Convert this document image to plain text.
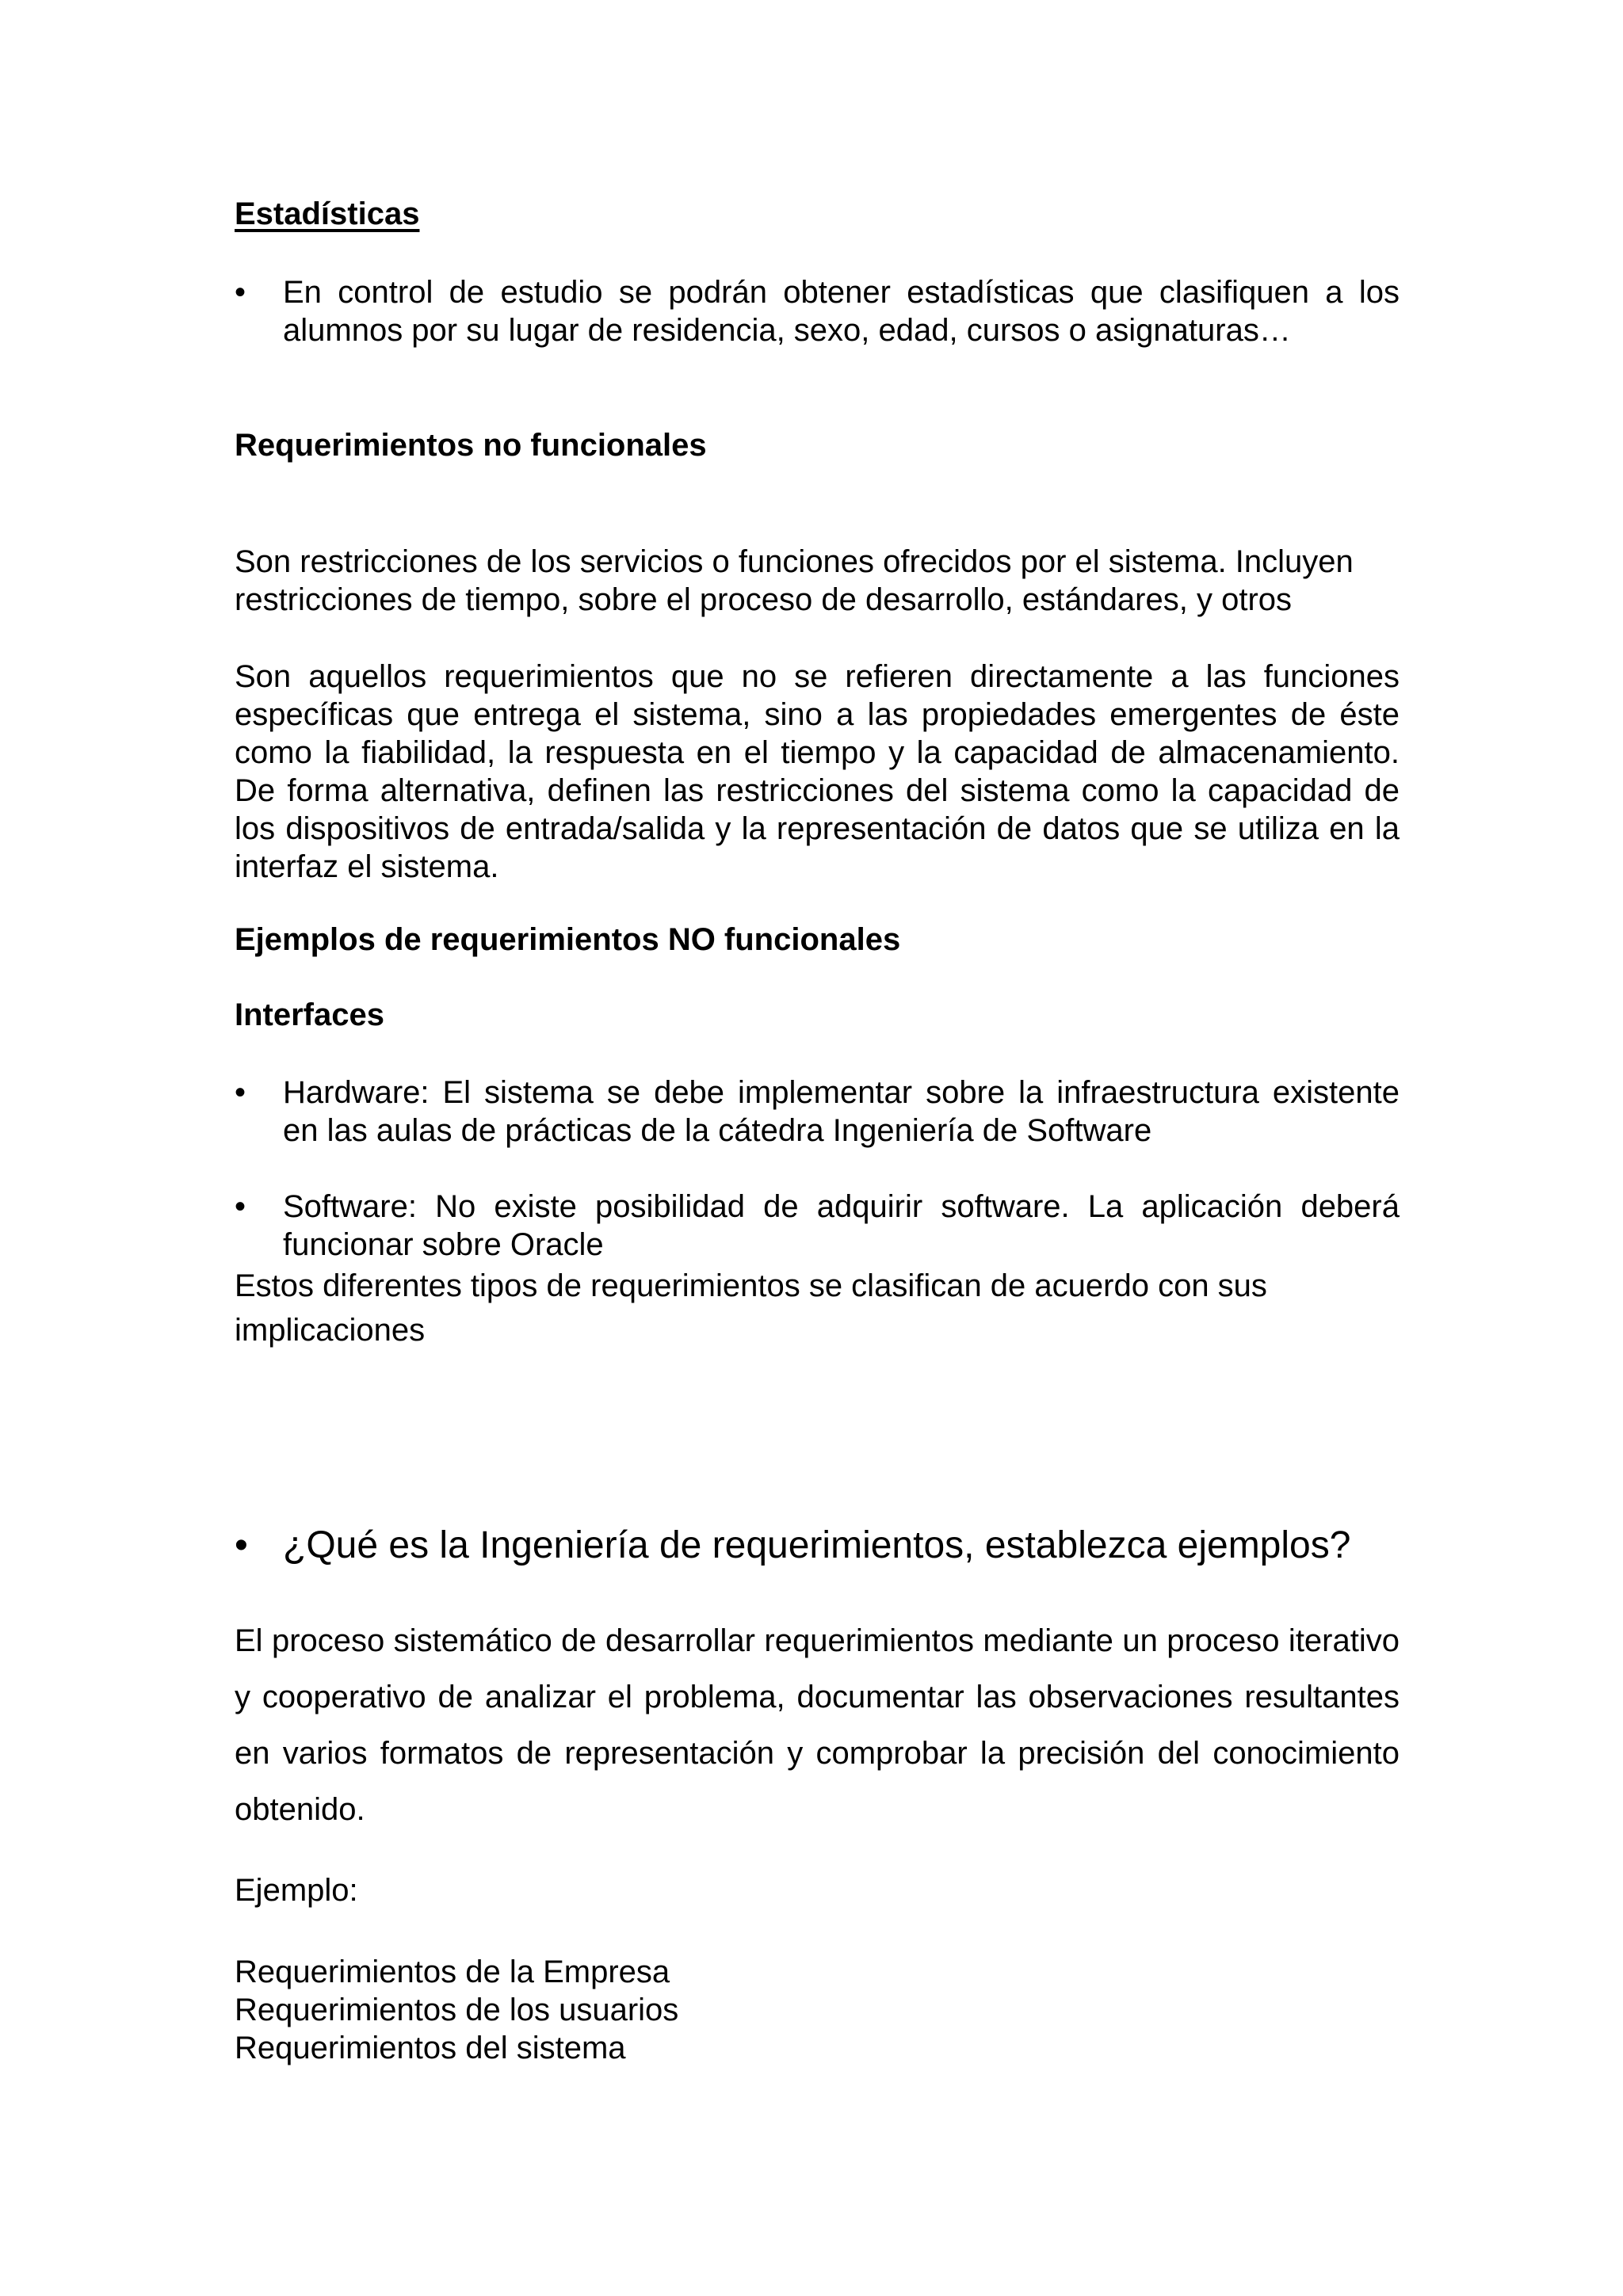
Estadísticas
•	En control de estudio se podrán obtener estadísticas que clasifiquen a los alumnos por su lugar de residencia, sexo, edad, cursos o asignaturas…
Requerimientos no funcionales
Son restricciones de los servicios o funciones ofrecidos por el sistema. Incluyen restricciones de tiempo, sobre el proceso de desarrollo, estándares, y otros
Son aquellos requerimientos que no se refieren directamente a las funciones específicas que entrega el sistema, sino a las propiedades emergentes de éste como la fiabilidad, la respuesta en el tiempo y la capacidad de almacenamiento. De forma alternativa, definen las restricciones del sistema como la capacidad de los dispositivos de entrada/salida y la representación de datos que se utiliza en la interfaz el sistema.
Ejemplos de requerimientos NO funcionales
Interfaces
•	Hardware: El sistema se debe implementar sobre la infraestructura existente en las aulas de prácticas de la cátedra Ingeniería de Software
•	Software: No existe posibilidad de adquirir software. La aplicación deberá funcionar sobre Oracle
Estos diferentes tipos de requerimientos se clasifican de acuerdo con sus
implicaciones
• ¿Qué es la Ingeniería de requerimientos, establezca ejemplos?
El proceso sistemático de desarrollar requerimientos mediante un proceso iterativo y cooperativo de analizar el problema, documentar las observaciones resultantes en varios formatos de representación y comprobar la precisión del conocimiento obtenido.
Ejemplo:
Requerimientos de la Empresa
Requerimientos de los usuarios
Requerimientos del sistema
